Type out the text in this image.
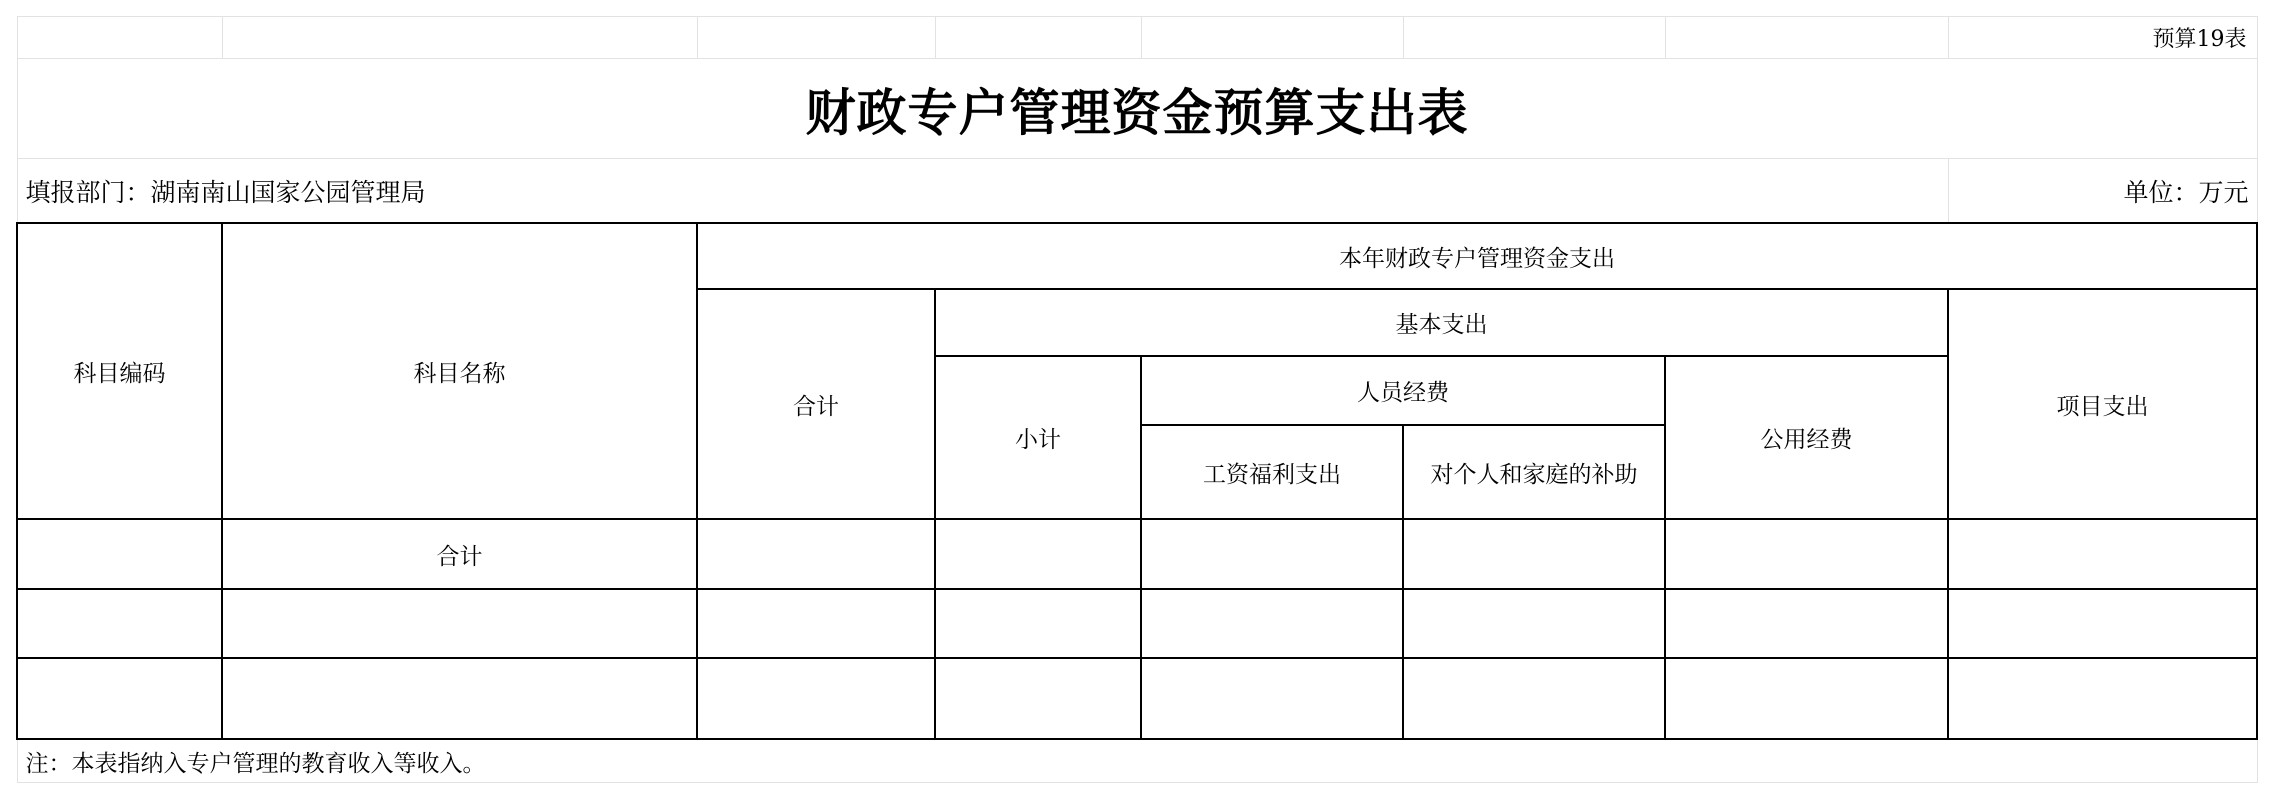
							预算19表
财政专户管理资金预算支出表							
填报部门：湖南南山国家公园管理局							单位：万元
科目编码	科目名称	本年财政专户管理资金支出					
		合计	基本支出				项目支出
			小计	人员经费		公用经费	
				工资福利支出	对个人和家庭的补助		
	合计						

注：本表指纳入专户管理的教育收入等收入。							
